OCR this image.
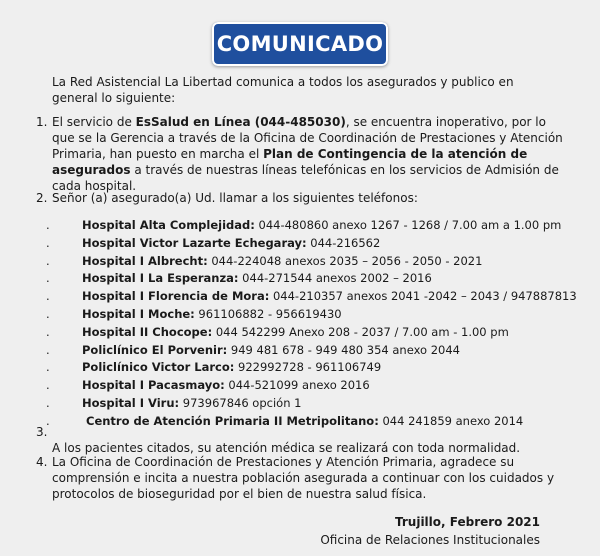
COMUNICADO
La Red Asistencial La Libertad comunica a todos los asegurados y publico en general lo siguiente:
1. El servicio de EsSalud en Línea (044-485030), se encuentra inoperativo, por lo que se la Gerencia a través de la Oficina de Coordinación de Prestaciones y Atención Primaria, han puesto en marcha el Plan de Contingencia de la atención de asegurados a través de nuestras líneas telefónicas en los servicios de Admisión de cada hospital.
2. Señor (a) asegurado(a) Ud. llamar a los siguientes teléfonos:
.	Hospital Alta Complejidad: 044-480860 anexo 1267 - 1268 / 7.00 am a 1.00 pm
.	Hospital Victor Lazarte Echegaray: 044-216562
.	Hospital I Albrecht: 044-224048 anexos 2035 – 2056 - 2050 - 2021
.	Hospital I La Esperanza: 044-271544 anexos 2002 – 2016
.	Hospital I Florencia de Mora: 044-210357 anexos 2041 -2042 – 2043 / 947887813
.	Hospital I Moche: 961106882 - 956619430
.	Hospital II Chocope: 044 542299 Anexo 208 - 2037 / 7.00 am - 1.00 pm
.	Policlínico El Porvenir: 949 481 678 - 949 480 354 anexo 2044
.	Policlínico Victor Larco: 922992728 - 961106749
.	Hospital I Pacasmayo: 044-521099 anexo 2016
.	Hospital I Viru: 973967846 opción 1
.	Centro de Atención Primaria II Metripolitano: 044 241859 anexo 2014
3.
A los pacientes citados, su atención médica se realizará con toda normalidad.
4. La Oficina de Coordinación de Prestaciones y Atención Primaria, agradece su comprensión e incita a nuestra población asegurada a continuar con los cuidados y protocolos de bioseguridad por el bien de nuestra salud física.
Trujillo, Febrero 2021
Oficina de Relaciones Institucionales
